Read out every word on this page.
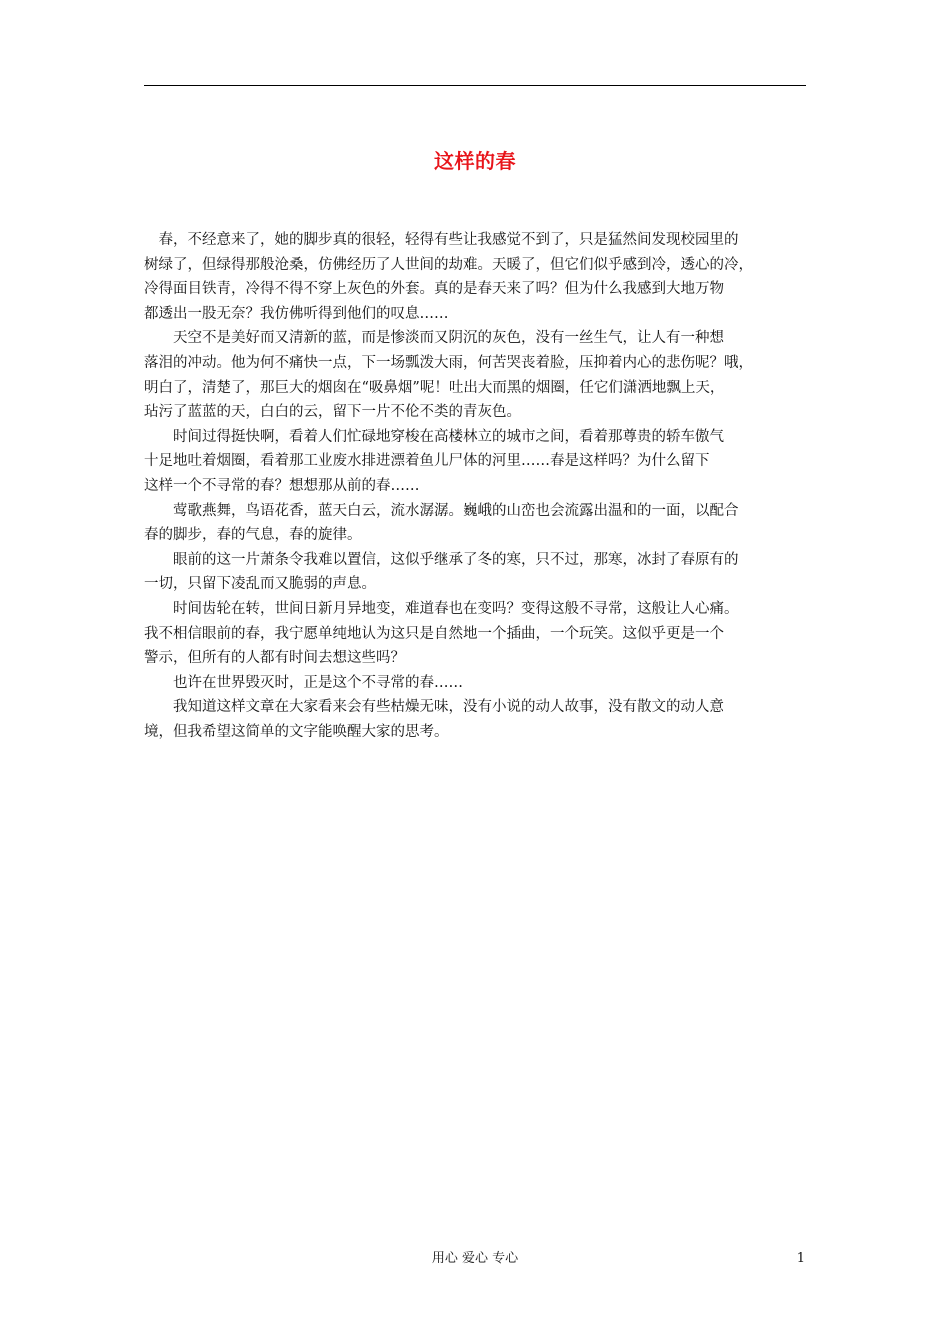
这样的春
　春，不经意来了，她的脚步真的很轻，轻得有些让我感觉不到了，只是猛然间发现校园里的
树绿了，但绿得那般沧桑，仿佛经历了人世间的劫难。天暖了，但它们似乎感到冷，透心的冷，
冷得面目铁青，冷得不得不穿上灰色的外套。真的是春天来了吗？但为什么我感到大地万物
都透出一股无奈？我仿佛听得到他们的叹息……
　　天空不是美好而又清新的蓝，而是惨淡而又阴沉的灰色，没有一丝生气，让人有一种想
落泪的冲动。他为何不痛快一点，下一场瓢泼大雨，何苦哭丧着脸，压抑着内心的悲伤呢？哦，
明白了，清楚了，那巨大的烟囱在“吸鼻烟”呢！吐出大而黑的烟圈，任它们潇洒地飘上天，
玷污了蓝蓝的天，白白的云，留下一片不伦不类的青灰色。
　　时间过得挺快啊，看着人们忙碌地穿梭在高楼林立的城市之间，看着那尊贵的轿车傲气
十足地吐着烟圈，看着那工业废水排进漂着鱼儿尸体的河里……春是这样吗？为什么留下
这样一个不寻常的春？想想那从前的春……
　　莺歌燕舞，鸟语花香，蓝天白云，流水潺潺。巍峨的山峦也会流露出温和的一面，以配合
春的脚步，春的气息，春的旋律。
　　眼前的这一片萧条令我难以置信，这似乎继承了冬的寒，只不过，那寒，冰封了春原有的
一切，只留下凌乱而又脆弱的声息。
　　时间齿轮在转，世间日新月异地变，难道春也在变吗？变得这般不寻常，这般让人心痛。
我不相信眼前的春，我宁愿单纯地认为这只是自然地一个插曲，一个玩笑。这似乎更是一个
警示，但所有的人都有时间去想这些吗？
　　也许在世界毁灭时，正是这个不寻常的春……
　　我知道这样文章在大家看来会有些枯燥无味，没有小说的动人故事，没有散文的动人意
境，但我希望这简单的文字能唤醒大家的思考。
用心 爱心 专心	1
